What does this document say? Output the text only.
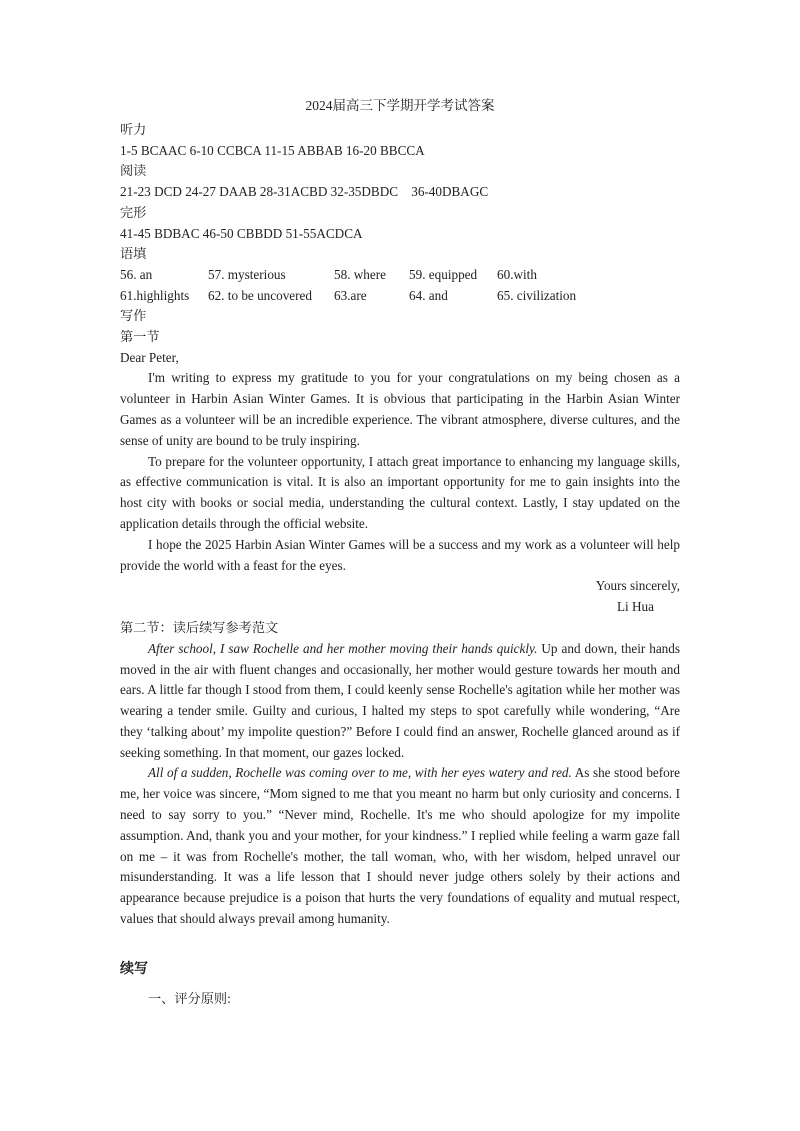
2024届高三下学期开学考试答案
听力
1-5 BCAAC 6-10 CCBCA 11-15 ABBAB 16-20 BBCCA
阅读
21-23 DCD 24-27 DAAB 28-31ACBD 32-35DBDC    36-40DBAGC
完形
41-45 BDBAC 46-50 CBBDD 51-55ACDCA
语填
56. an	57. mysterious	58. where	59. equipped	60.with
61.highlights	62. to be uncovered	63.are	64. and	65. civilization
写作
第一节
Dear Peter,

I'm writing to express my gratitude to you for your congratulations on my being chosen as a volunteer in Harbin Asian Winter Games. It is obvious that participating in the Harbin Asian Winter Games as a volunteer will be an incredible experience. The vibrant atmosphere, diverse cultures, and the sense of unity are bound to be truly inspiring.

To prepare for the volunteer opportunity, I attach great importance to enhancing my language skills, as effective communication is vital. It is also an important opportunity for me to gain insights into the host city with books or social media, understanding the cultural context. Lastly, I stay updated on the application details through the official website.

I hope the 2025 Harbin Asian Winter Games will be a success and my work as a volunteer will help provide the world with a feast for the eyes.

Yours sincerely,
Li Hua
第二节：读后续写参考范文

After school, I saw Rochelle and her mother moving their hands quickly. Up and down, their hands moved in the air with fluent changes and occasionally, her mother would gesture towards her mouth and ears. A little far though I stood from them, I could keenly sense Rochelle's agitation while her mother was wearing a tender smile. Guilty and curious, I halted my steps to spot carefully while wondering, “Are they ‘talking about’ my impolite question?” Before I could find an answer, Rochelle glanced around as if seeking something. In that moment, our gazes locked.

All of a sudden, Rochelle was coming over to me, with her eyes watery and red. As she stood before me, her voice was sincere, “Mom signed to me that you meant no harm but only curiosity and concerns. I need to say sorry to you.” “Never mind, Rochelle. It's me who should apologize for my impolite assumption. And, thank you and your mother, for your kindness.” I replied while feeling a warm gaze fall on me – it was from Rochelle's mother, the tall woman, who, with her wisdom, helped unravel our misunderstanding. It was a life lesson that I should never judge others solely by their actions and appearance because prejudice is a poison that hurts the very foundations of equality and mutual respect, values that should always prevail among humanity.

续写
一、评分原则:
